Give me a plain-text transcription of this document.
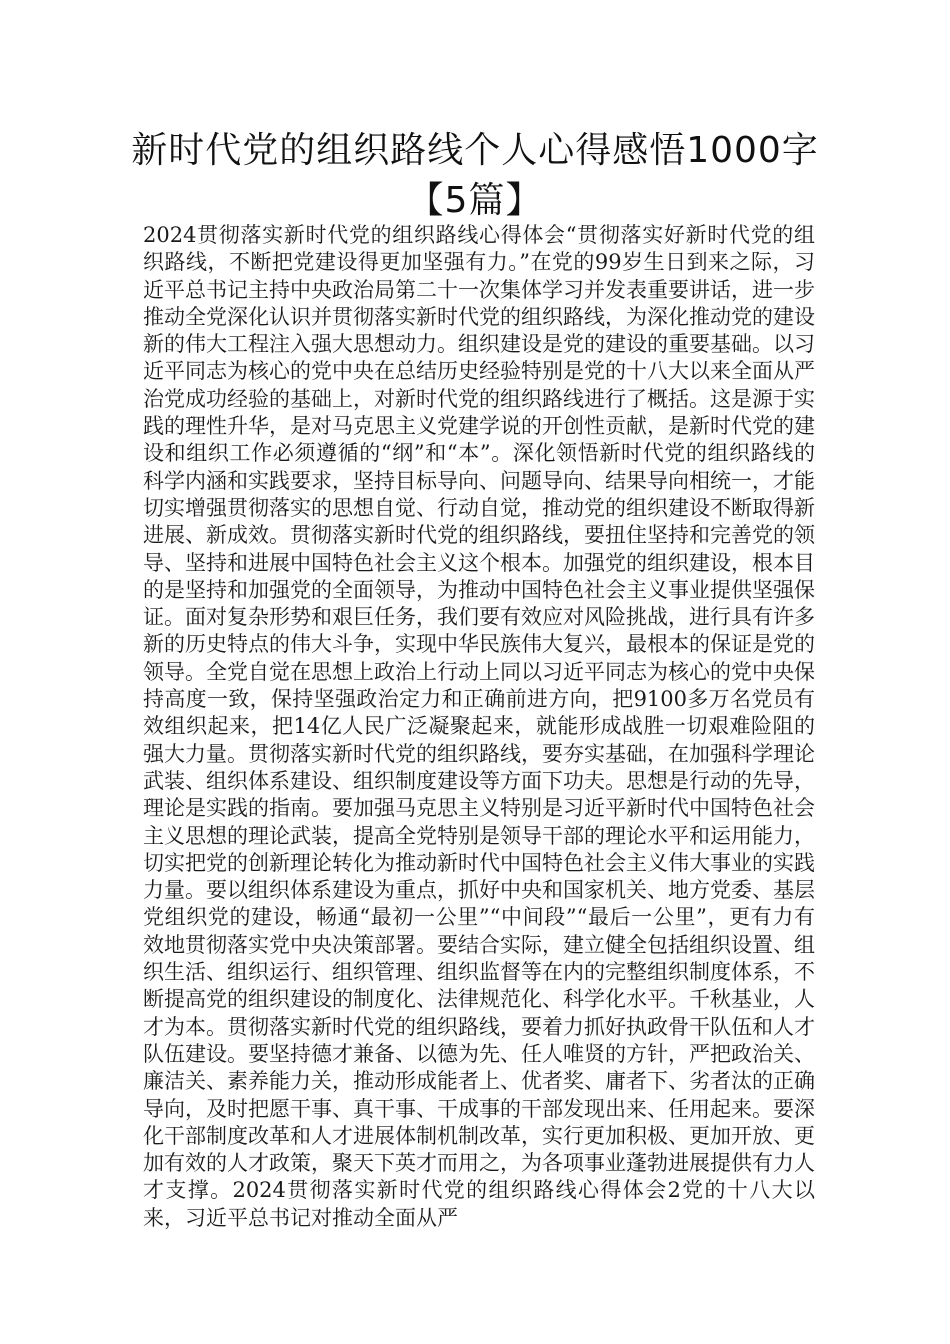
新时代党的组织路线个人心得感悟1000字【5篇】

2024贯彻落实新时代党的组织路线心得体会“贯彻落实好新时代党的组织路线，不断把党建设得更加坚强有力。”在党的99岁生日到来之际，习近平总书记主持中央政治局第二十一次集体学习并发表重要讲话，进一步推动全党深化认识并贯彻落实新时代党的组织路线，为深化推动党的建设新的伟大工程注入强大思想动力。组织建设是党的建设的重要基础。以习近平同志为核心的党中央在总结历史经验特别是党的十八大以来全面从严治党成功经验的基础上，对新时代党的组织路线进行了概括。这是源于实践的理性升华，是对马克思主义党建学说的开创性贡献，是新时代党的建设和组织工作必须遵循的“纲”和“本”。深化领悟新时代党的组织路线的科学内涵和实践要求，坚持目标导向、问题导向、结果导向相统一，才能切实增强贯彻落实的思想自觉、行动自觉，推动党的组织建设不断取得新进展、新成效。贯彻落实新时代党的组织路线，要扭住坚持和完善党的领导、坚持和进展中国特色社会主义这个根本。加强党的组织建设，根本目的是坚持和加强党的全面领导，为推动中国特色社会主义事业提供坚强保证。面对复杂形势和艰巨任务，我们要有效应对风险挑战，进行具有许多新的历史特点的伟大斗争，实现中华民族伟大复兴，最根本的保证是党的领导。全党自觉在思想上政治上行动上同以习近平同志为核心的党中央保持高度一致，保持坚强政治定力和正确前进方向，把9100多万名党员有效组织起来，把14亿人民广泛凝聚起来，就能形成战胜一切艰难险阻的强大力量。贯彻落实新时代党的组织路线，要夯实基础，在加强科学理论武装、组织体系建设、组织制度建设等方面下功夫。思想是行动的先导，理论是实践的指南。要加强马克思主义特别是习近平新时代中国特色社会主义思想的理论武装，提高全党特别是领导干部的理论水平和运用能力，切实把党的创新理论转化为推动新时代中国特色社会主义伟大事业的实践力量。要以组织体系建设为重点，抓好中央和国家机关、地方党委、基层党组织党的建设，畅通“最初一公里”“中间段”“最后一公里”，更有力有效地贯彻落实党中央决策部署。要结合实际，建立健全包括组织设置、组织生活、组织运行、组织管理、组织监督等在内的完整组织制度体系，不断提高党的组织建设的制度化、法律规范化、科学化水平。千秋基业，人才为本。贯彻落实新时代党的组织路线，要着力抓好执政骨干队伍和人才队伍建设。要坚持德才兼备、以德为先、任人唯贤的方针，严把政治关、廉洁关、素养能力关，推动形成能者上、优者奖、庸者下、劣者汰的正确导向，及时把愿干事、真干事、干成事的干部发现出来、任用起来。要深化干部制度改革和人才进展体制机制改革，实行更加积极、更加开放、更加有效的人才政策，聚天下英才而用之，为各项事业蓬勃进展提供有力人才支撑。2024贯彻落实新时代党的组织路线心得体会2党的十八大以来，习近平总书记对推动全面从严
